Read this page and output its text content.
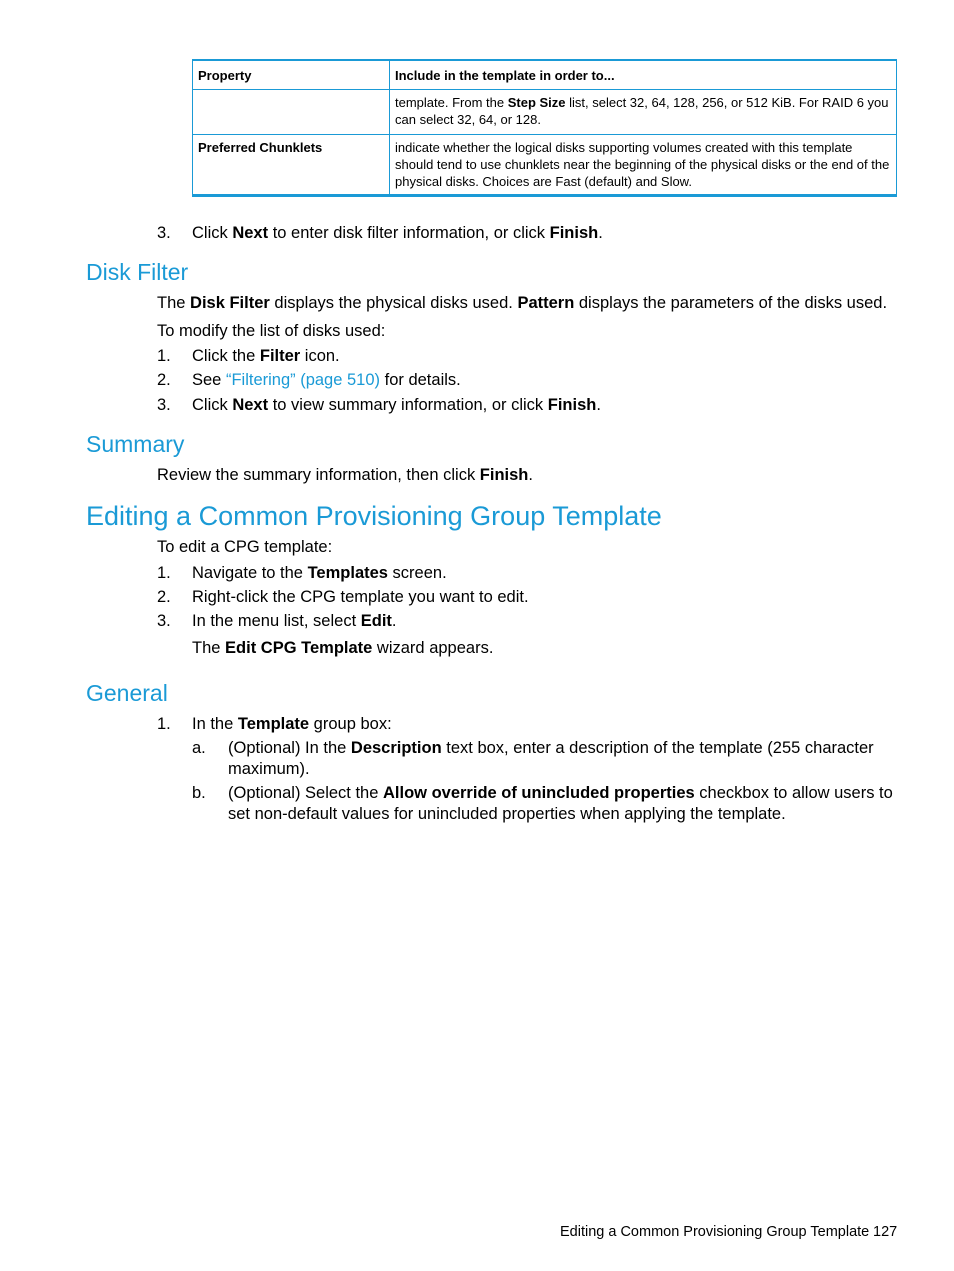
Property	Include in the template in order to...
	template. From the Step Size list, select 32, 64, 128, 256, or 512 KiB. For RAID 6 you can select 32, 64, or 128.
Preferred Chunklets	indicate whether the logical disks supporting volumes created with this template should tend to use chunklets near the beginning of the physical disks or the end of the physical disks. Choices are Fast (default) and Slow.
3. Click Next to enter disk filter information, or click Finish.
Disk Filter
The Disk Filter displays the physical disks used. Pattern displays the parameters of the disks used.
To modify the list of disks used:
1. Click the Filter icon.
2. See “Filtering” (page 510) for details.
3. Click Next to view summary information, or click Finish.
Summary
Review the summary information, then click Finish.
Editing a Common Provisioning Group Template
To edit a CPG template:
1. Navigate to the Templates screen.
2. Right-click the CPG template you want to edit.
3. In the menu list, select Edit.
The Edit CPG Template wizard appears.
General
1. In the Template group box:
a. (Optional) In the Description text box, enter a description of the template (255 character
maximum).
b. (Optional) Select the Allow override of unincluded properties checkbox to allow users to
set non-default values for unincluded properties when applying the template.
Editing a Common Provisioning Group Template 127
